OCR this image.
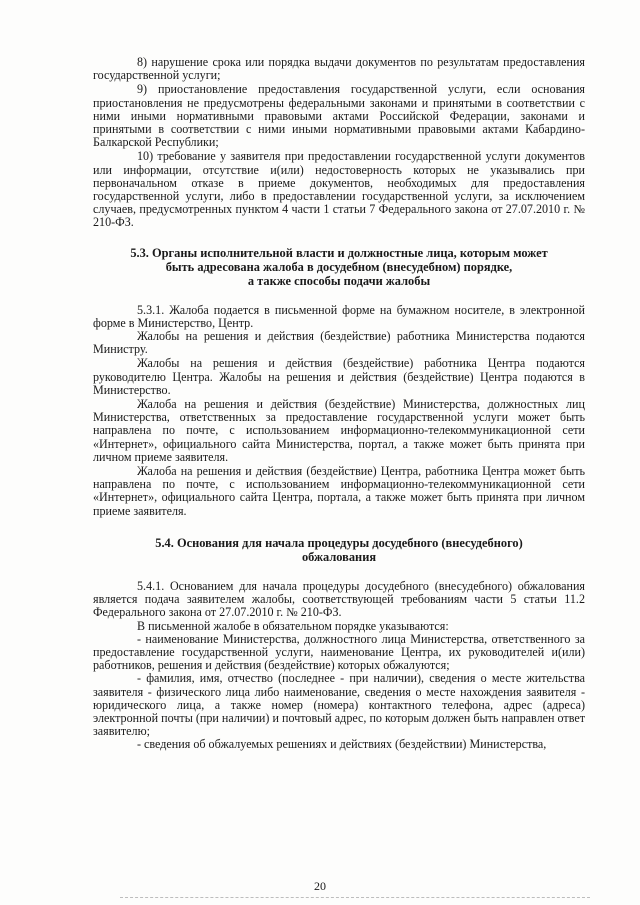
8) нарушение срока или порядка выдачи документов по результатам предоставления государственной услуги;

9) приостановление предоставления государственной услуги, если основания приостановления не предусмотрены федеральными законами и принятыми в соответствии с ними иными нормативными правовыми актами Российской Федерации, законами и принятыми в соответствии с ними иными нормативными правовыми актами Кабардино-Балкарской Республики;

10) требование у заявителя при предоставлении государственной услуги документов или информации, отсутствие и(или) недостоверность которых не указывались при первоначальном отказе в приеме документов, необходимых для предоставления государственной услуги, либо в предоставлении государственной услуги, за исключением случаев, предусмотренных пунктом 4 части 1 статьи 7 Федерального закона от 27.07.2010 г. № 210-ФЗ.

5.3. Органы исполнительной власти и должностные лица, которым может
быть адресована жалоба в досудебном (внесудебном) порядке,
а также способы подачи жалобы

5.3.1. Жалоба подается в письменной форме на бумажном носителе, в электронной форме в Министерство, Центр.

Жалобы на решения и действия (бездействие) работника Министерства подаются Министру.

Жалобы на решения и действия (бездействие) работника Центра подаются руководителю Центра. Жалобы на решения и действия (бездействие) Центра подаются в Министерство.

Жалоба на решения и действия (бездействие) Министерства, должностных лиц Министерства, ответственных за предоставление государственной услуги может быть направлена по почте, с использованием информационно-телекоммуникационной сети «Интернет», официального сайта Министерства, портал, а также может быть принята при личном приеме заявителя.

Жалоба на решения и действия (бездействие) Центра, работника Центра может быть направлена по почте, с использованием информационно-телекоммуникационной сети «Интернет», официального сайта Центра, портала, а также может быть принята при личном приеме заявителя.

5.4. Основания для начала процедуры досудебного (внесудебного)
обжалования

5.4.1. Основанием для начала процедуры досудебного (внесудебного) обжалования является подача заявителем жалобы, соответствующей требованиям части 5 статьи 11.2 Федерального закона от 27.07.2010 г. № 210-ФЗ.

В письменной жалобе в обязательном порядке указываются:

- наименование Министерства, должностного лица Министерства, ответственного за предоставление государственной услуги, наименование Центра, их руководителей и(или) работников, решения и действия (бездействие) которых обжалуются;

- фамилия, имя, отчество (последнее - при наличии), сведения о месте жительства заявителя - физического лица либо наименование, сведения о месте нахождения заявителя - юридического лица, а также номер (номера) контактного телефона, адрес (адреса) электронной почты (при наличии) и почтовый адрес, по которым должен быть направлен ответ заявителю;

- сведения об обжалуемых решениях и действиях (бездействии) Министерства,

20
